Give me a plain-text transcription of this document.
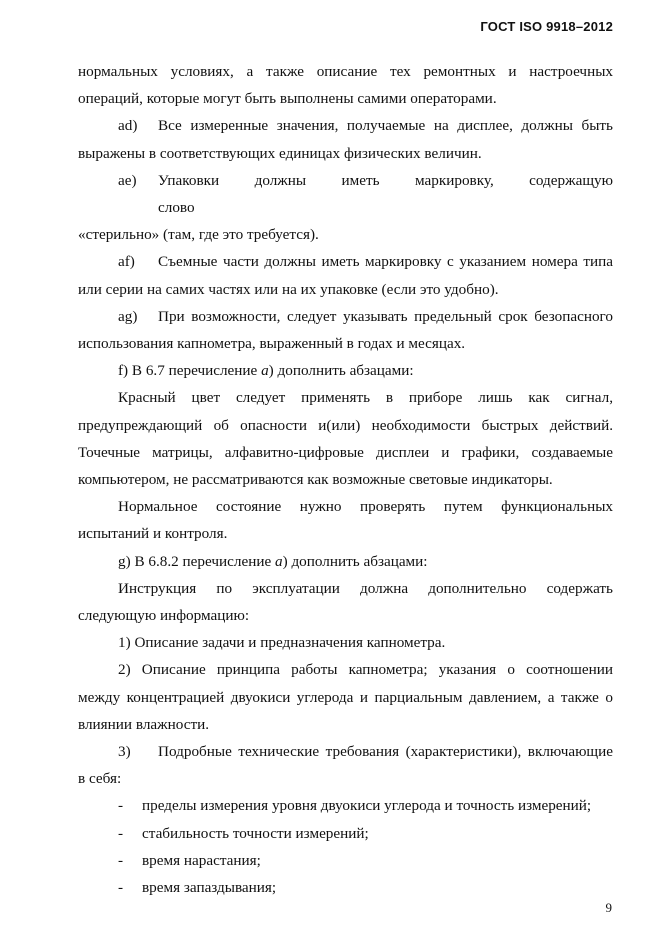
ГОСТ ISO 9918–2012

нормальных условиях, а также описание тех ремонтных и настроечных

операций, которые могут быть выполнены самими операторами.

ad)	Все измеренные значения, получаемые на дисплее, должны быть

выражены в соответствующих единицах физических величин.

ae)	Упаковки должны иметь маркировку, содержащую слово

«стерильно» (там, где это требуется).

af)	Съемные части должны иметь маркировку с указанием номера типа

или серии на самих частях или на их упаковке (если это удобно).

ag)	При возможности, следует указывать предельный срок безопасного

использования капнометра, выраженный в годах и месяцах.

f) В 6.7 перечисление a) дополнить абзацами:

Красный цвет следует применять в приборе лишь как сигнал,

предупреждающий об опасности и(или) необходимости быстрых действий.

Точечные матрицы, алфавитно-цифровые дисплеи и графики, создаваемые

компьютером, не рассматриваются как возможные световые индикаторы.

Нормальное состояние нужно проверять путем функциональных

испытаний и контроля.

g) В 6.8.2 перечисление a) дополнить абзацами:

Инструкция по эксплуатации должна дополнительно содержать

следующую информацию:

1) Описание задачи и предназначения капнометра.

2) Описание принципа работы капнометра; указания о соотношении

между концентрацией двуокиси углерода и парциальным давлением, а также о

влиянии влажности.

3)	Подробные технические требования (характеристики), включающие

в себя:

-	пределы измерения уровня двуокиси углерода и точность измерений;
-	стабильность точности измерений;
-	время нарастания;
-	время запаздывания;
9
